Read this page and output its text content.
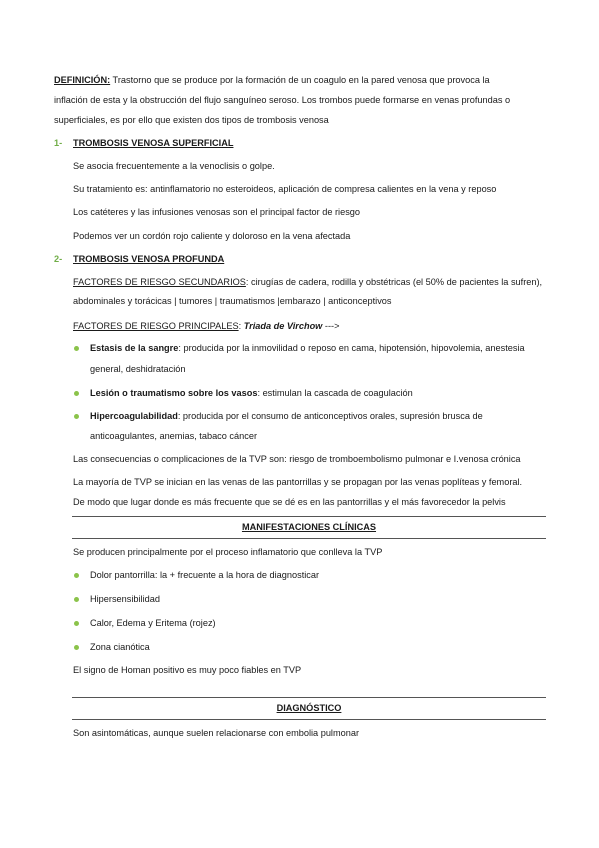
DEFINICIÓN: Trastorno que se produce por la formación de un coagulo en la pared venosa que provoca la
inflación de esta y la obstrucción del flujo sanguíneo seroso. Los trombos puede formarse en venas profundas o
superficiales, es por ello que existen dos tipos de trombosis venosa
1- TROMBOSIS VENOSA SUPERFICIAL
Se asocia frecuentemente a la venoclisis o golpe.
Su tratamiento es: antinflamatorio no esteroideos, aplicación de compresa calientes en la vena y reposo
Los catéteres y las infusiones venosas son el principal factor de riesgo
Podemos ver un cordón rojo caliente y doloroso en la vena afectada
2- TROMBOSIS VENOSA PROFUNDA
FACTORES DE RIESGO SECUNDARIOS: cirugías de cadera, rodilla y obstétricas (el 50% de pacientes la sufren),
abdominales y torácicas | tumores | traumatismos |embarazo | anticonceptivos
FACTORES DE RIESGO PRINCIPALES: Triada de Virchow --->
Estasis de la sangre: producida por la inmovilidad o reposo en cama, hipotensión, hipovolemia, anestesia
general, deshidratación
Lesión o traumatismo sobre los vasos: estimulan la cascada de coagulación
Hipercoagulabilidad: producida por el consumo de anticonceptivos orales, supresión brusca de
anticoagulantes, anemias, tabaco cáncer
Las consecuencias o complicaciones de la TVP son: riesgo de tromboembolismo pulmonar e I.venosa crónica
La mayoría de TVP se inician en las venas de las pantorrillas y se propagan por las venas poplíteas y femoral.
De modo que lugar donde es más frecuente que se dé es en las pantorrillas y el más favorecedor la pelvis
MANIFESTACIONES CLÍNICAS
Se producen principalmente por el proceso inflamatorio que conlleva la TVP
Dolor pantorrilla: la + frecuente a la hora de diagnosticar
Hipersensibilidad
Calor, Edema y Eritema (rojez)
Zona cianótica
El signo de Homan positivo es muy poco fiables en TVP
DIAGNÓSTICO
Son asintomáticas, aunque suelen relacionarse con embolia pulmonar
